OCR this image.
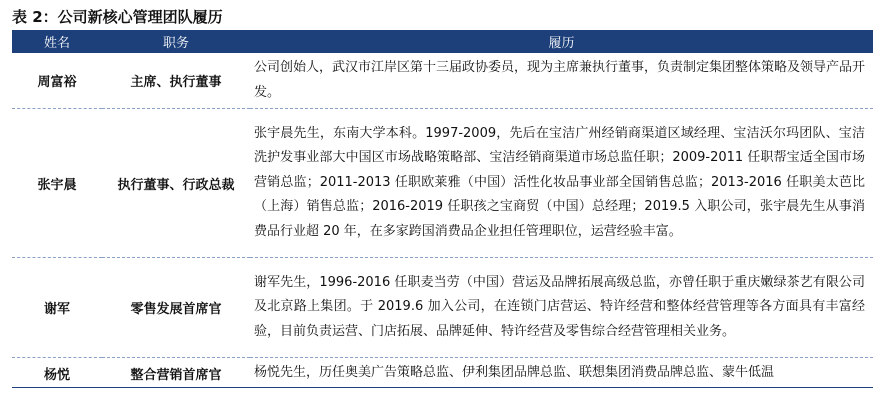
表 2：公司新核心管理团队履历
姓名	职务	履历
周富裕	主席、执行董事	公司创始人，武汉市江岸区第十三届政协委员，现为主席兼执行董事，负责制定集团整体策略及领导产品开发。
张宇晨	执行董事、行政总裁	张宇晨先生，东南大学本科。1997-2009，先后在宝洁广州经销商渠道区域经理、宝洁沃尔玛团队、宝洁洗护发事业部大中国区市场战略策略部、宝洁经销商渠道市场总监任职；2009-2011 任职帮宝适全国市场营销总监；2011-2013 任职欧莱雅（中国）活性化妆品事业部全国销售总监；2013-2016 任职美太芭比（上海）销售总监；2016-2019 任职孩之宝商贸（中国）总经理；2019.5 入职公司，张宇晨先生从事消费品行业超 20 年，在多家跨国消费品企业担任管理职位，运营经验丰富。
谢军	零售发展首席官	谢军先生，1996-2016 任职麦当劳（中国）营运及品牌拓展高级总监，亦曾任职于重庆嫩绿茶艺有限公司及北京路上集团。于 2019.6 加入公司，在连锁门店营运、特许经营和整体经营管理等各方面具有丰富经验，目前负责运营、门店拓展、品牌延伸、特许经营及零售综合经营管理相关业务。
杨悦	整合营销首席官	杨悦先生，历任奥美广告策略总监、伊利集团品牌总监、联想集团消费品牌总监、蒙牛低温
